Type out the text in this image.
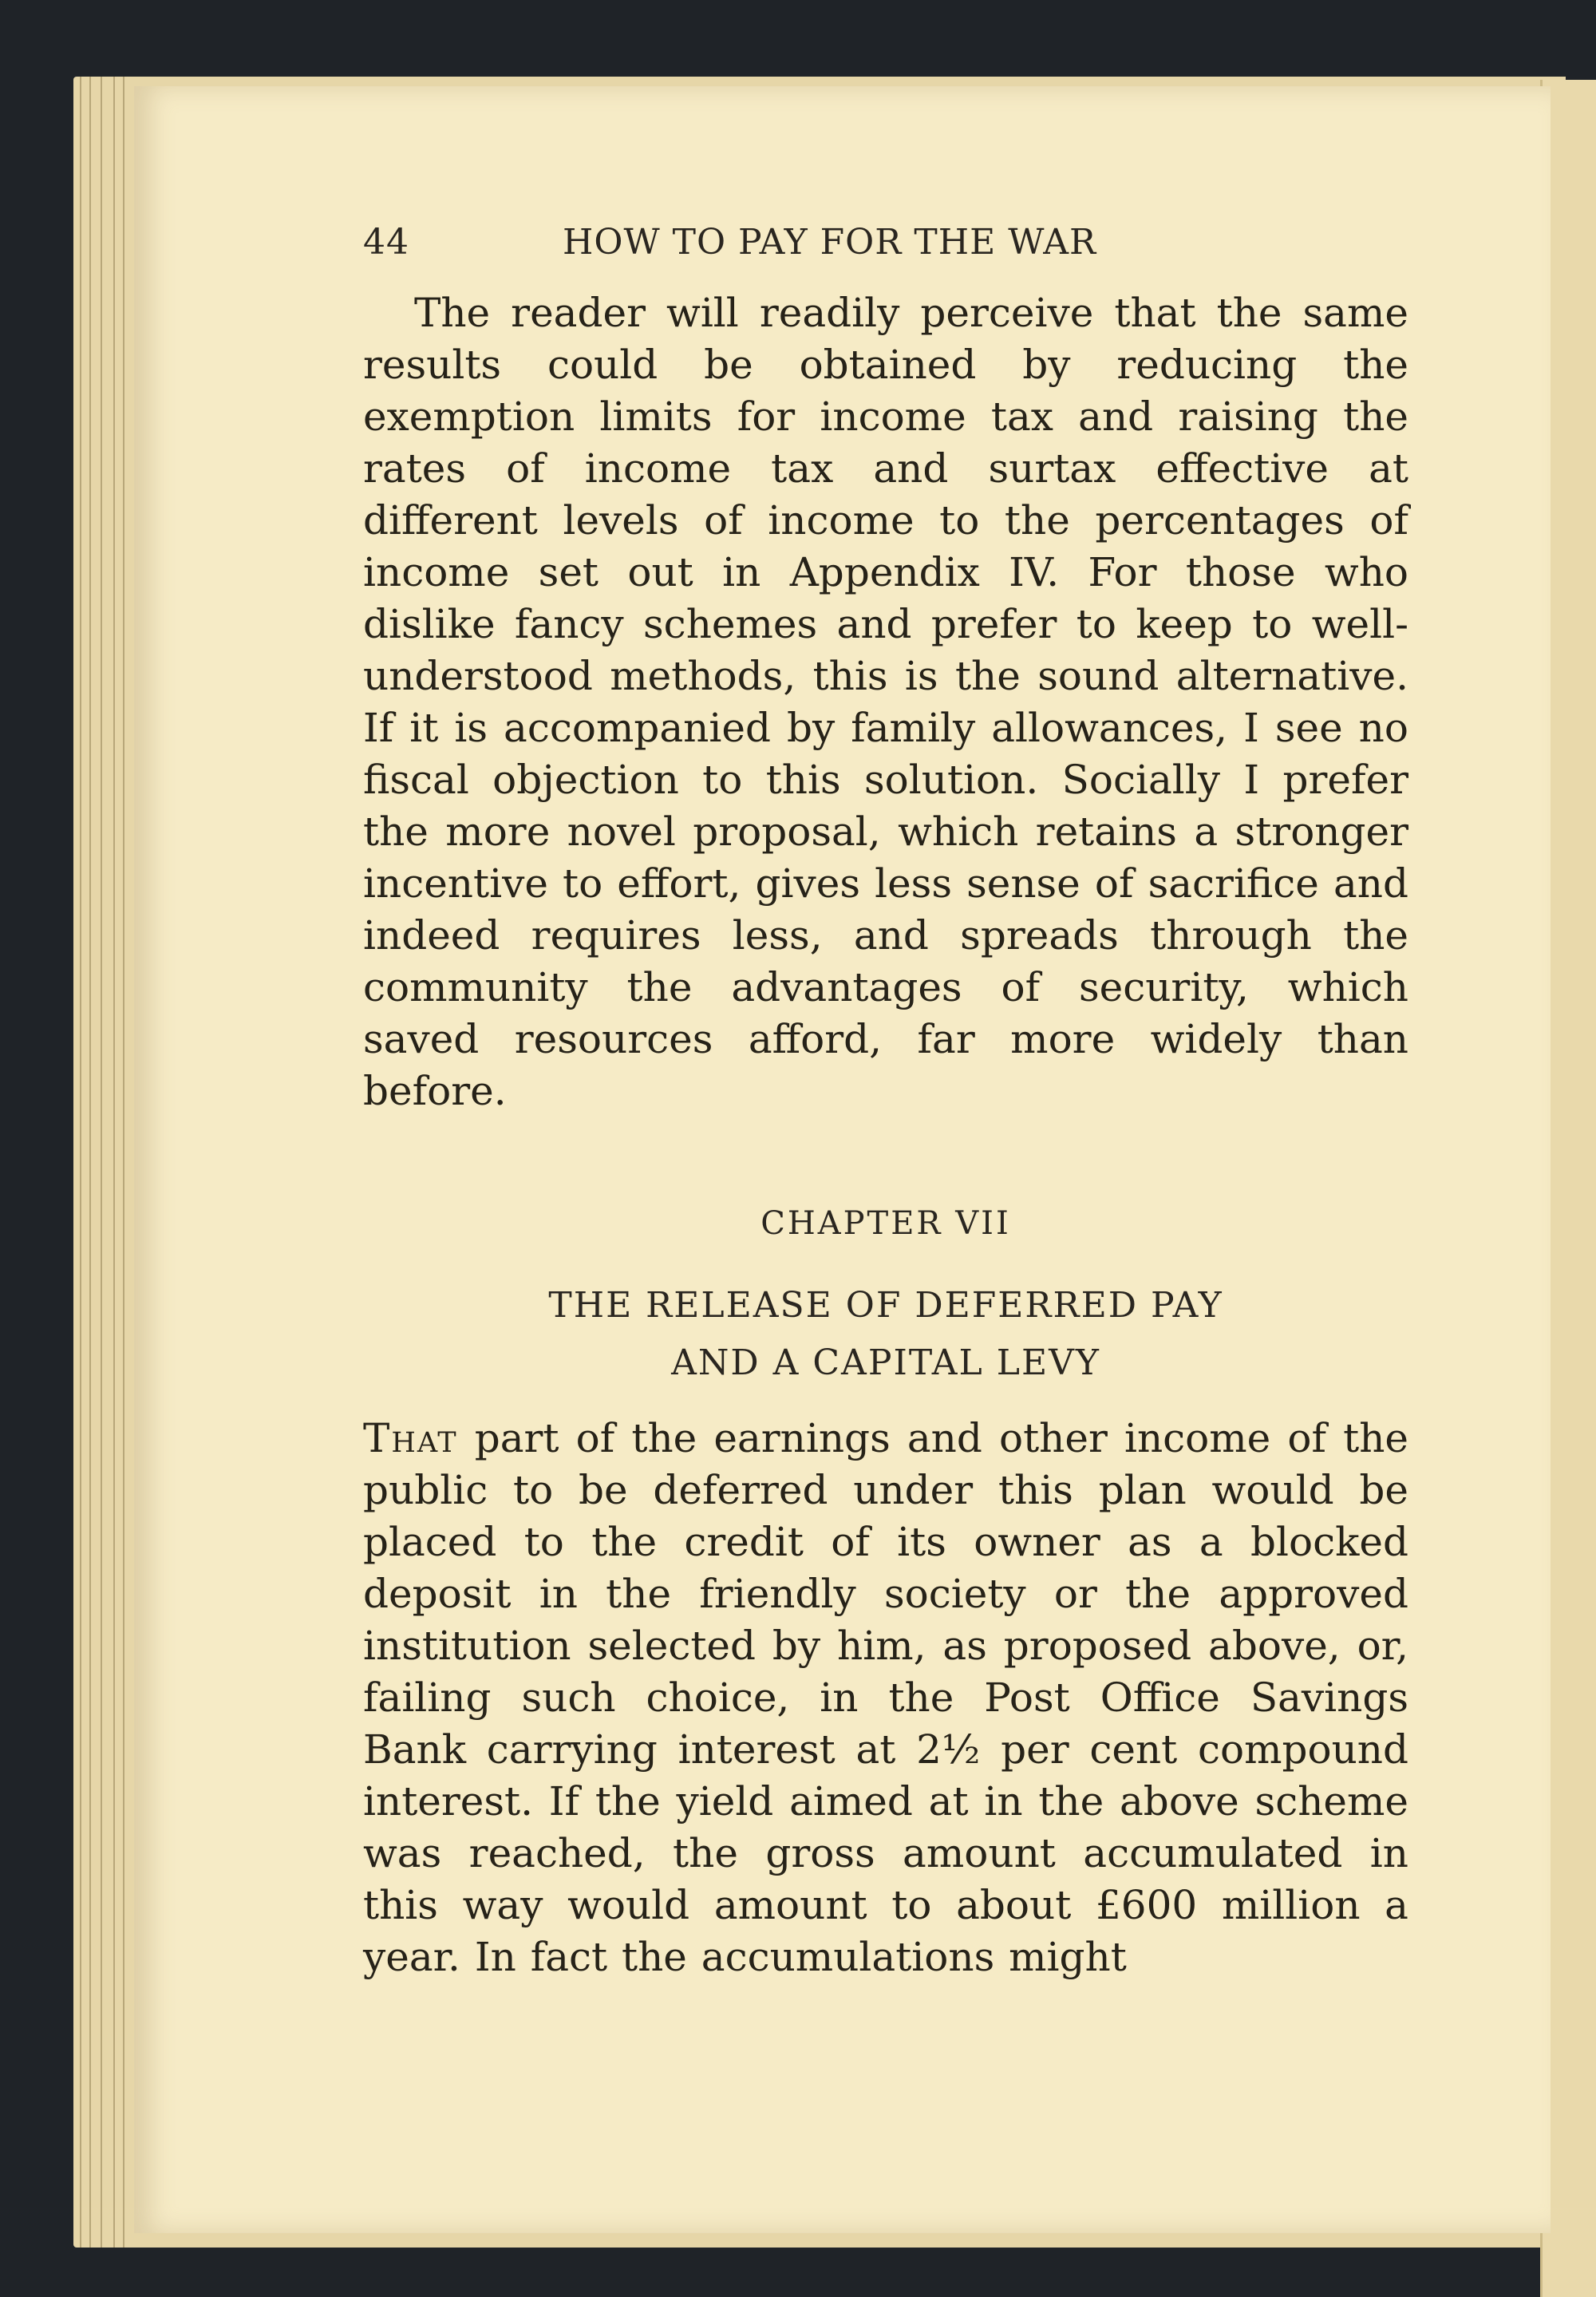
44	HOW TO PAY FOR THE WAR
The reader will readily perceive that the same results could be obtained by reducing the exemption limits for income tax and raising the rates of income tax and surtax effective at different levels of income to the percentages of income set out in Appendix IV. For those who dislike fancy schemes and prefer to keep to well-understood methods, this is the sound alternative. If it is accompanied by family allowances, I see no fiscal objection to this solution. Socially I prefer the more novel proposal, which retains a stronger incentive to effort, gives less sense of sacrifice and indeed requires less, and spreads through the community the advantages of security, which saved resources afford, far more widely than before.
CHAPTER VII
THE RELEASE OF DEFERRED PAY
AND A CAPITAL LEVY
That part of the earnings and other income of the public to be deferred under this plan would be placed to the credit of its owner as a blocked deposit in the friendly society or the approved institution selected by him, as proposed above, or, failing such choice, in the Post Office Savings Bank carrying interest at 2½ per cent compound interest. If the yield aimed at in the above scheme was reached, the gross amount accumulated in this way would amount to about £600 million a year. In fact the accumulations might
